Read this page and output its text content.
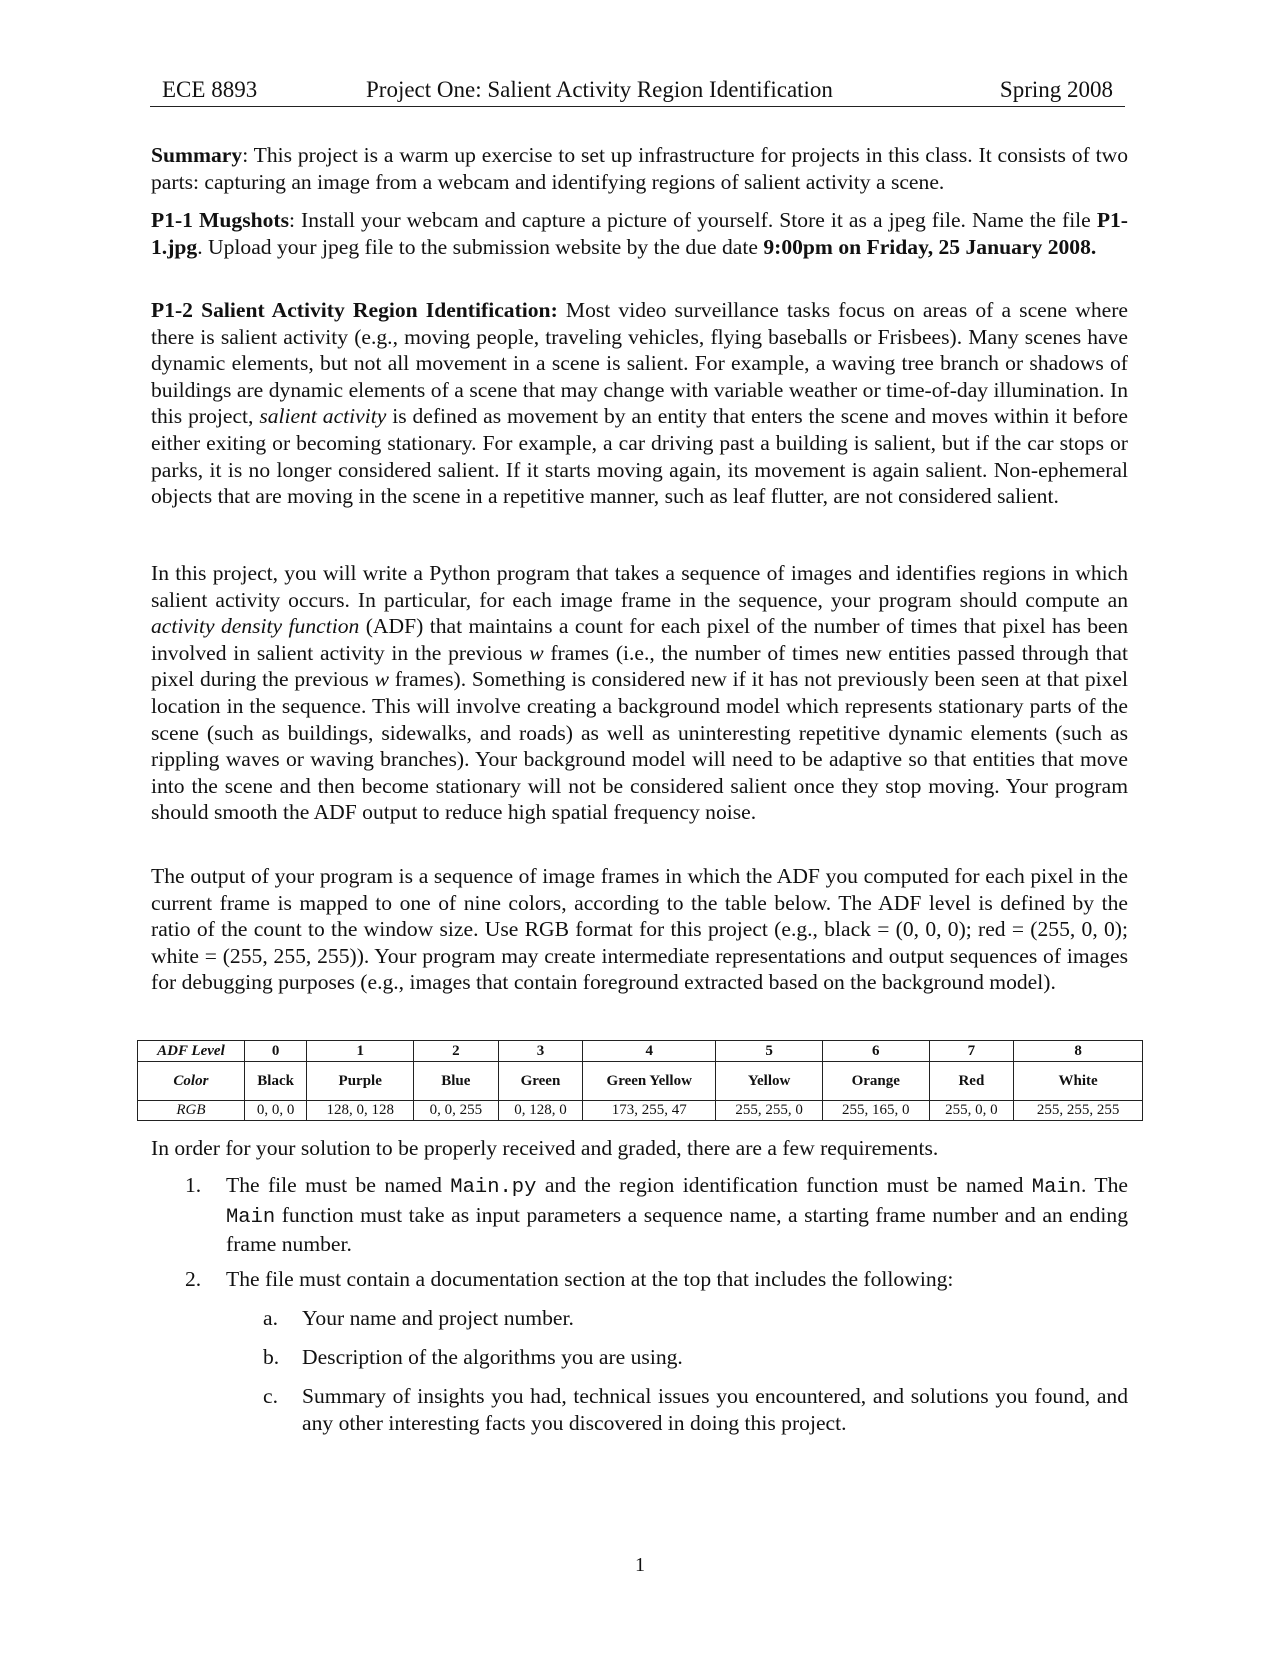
ECE 8893	Project One: Salient Activity Region Identification	Spring 2008

Summary: This project is a warm up exercise to set up infrastructure for projects in this class. It consists of two parts: capturing an image from a webcam and identifying regions of salient activity a scene.

P1-1 Mugshots: Install your webcam and capture a picture of yourself. Store it as a jpeg file. Name the file P1-1.jpg. Upload your jpeg file to the submission website by the due date 9:00pm on Friday, 25 January 2008.

P1-2 Salient Activity Region Identification: Most video surveillance tasks focus on areas of a scene where there is salient activity (e.g., moving people, traveling vehicles, flying baseballs or Frisbees). Many scenes have dynamic elements, but not all movement in a scene is salient. For example, a waving tree branch or shadows of buildings are dynamic elements of a scene that may change with variable weather or time-of-day illumination. In this project, salient activity is defined as movement by an entity that enters the scene and moves within it before either exiting or becoming stationary. For example, a car driving past a building is salient, but if the car stops or parks, it is no longer considered salient. If it starts moving again, its movement is again salient. Non-ephemeral objects that are moving in the scene in a repetitive manner, such as leaf flutter, are not considered salient.

In this project, you will write a Python program that takes a sequence of images and identifies regions in which salient activity occurs. In particular, for each image frame in the sequence, your program should compute an activity density function (ADF) that maintains a count for each pixel of the number of times that pixel has been involved in salient activity in the previous w frames (i.e., the number of times new entities passed through that pixel during the previous w frames). Something is considered new if it has not previously been seen at that pixel location in the sequence. This will involve creating a background model which represents stationary parts of the scene (such as buildings, sidewalks, and roads) as well as uninteresting repetitive dynamic elements (such as rippling waves or waving branches). Your background model will need to be adaptive so that entities that move into the scene and then become stationary will not be considered salient once they stop moving. Your program should smooth the ADF output to reduce high spatial frequency noise.

The output of your program is a sequence of image frames in which the ADF you computed for each pixel in the current frame is mapped to one of nine colors, according to the table below. The ADF level is defined by the ratio of the count to the window size. Use RGB format for this project (e.g., black = (0, 0, 0); red = (255, 0, 0); white = (255, 255, 255)). Your program may create intermediate representations and output sequences of images for debugging purposes (e.g., images that contain foreground extracted based on the background model).

ADF Level	0	1	2	3	4	5	6	7	8
Color	Black	Purple	Blue	Green	Green Yellow	Yellow	Orange	Red	White
RGB	0, 0, 0	128, 0, 128	0, 0, 255	0, 128, 0	173, 255, 47	255, 255, 0	255, 165, 0	255, 0, 0	255, 255, 255

In order for your solution to be properly received and graded, there are a few requirements.

1. The file must be named Main.py and the region identification function must be named Main. The Main function must take as input parameters a sequence name, a starting frame number and an ending frame number.
2. The file must contain a documentation section at the top that includes the following:
a. Your name and project number.
b. Description of the algorithms you are using.
c. Summary of insights you had, technical issues you encountered, and solutions you found, and any other interesting facts you discovered in doing this project.
1
